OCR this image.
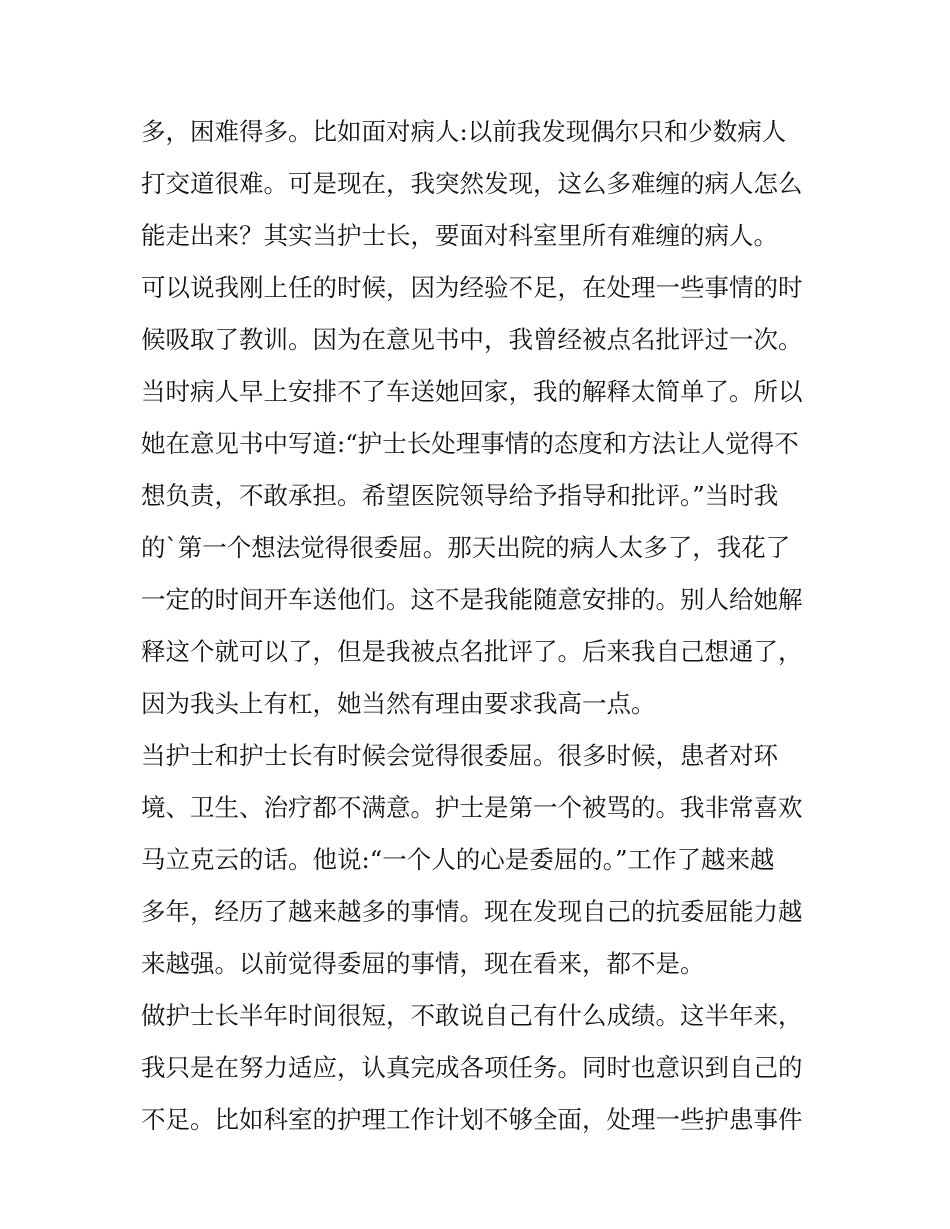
多，困难得多。比如面对病人:以前我发现偶尔只和少数病人
打交道很难。可是现在，我突然发现，这么多难缠的病人怎么
能走出来？其实当护士长，要面对科室里所有难缠的病人。
可以说我刚上任的时候，因为经验不足，在处理一些事情的时
候吸取了教训。因为在意见书中，我曾经被点名批评过一次。
当时病人早上安排不了车送她回家，我的解释太简单了。所以
她在意见书中写道:“护士长处理事情的态度和方法让人觉得不
想负责，不敢承担。希望医院领导给予指导和批评。”当时我
的`第一个想法觉得很委屈。那天出院的病人太多了，我花了
一定的时间开车送他们。这不是我能随意安排的。别人给她解
释这个就可以了，但是我被点名批评了。后来我自己想通了，
因为我头上有杠，她当然有理由要求我高一点。
当护士和护士长有时候会觉得很委屈。很多时候，患者对环
境、卫生、治疗都不满意。护士是第一个被骂的。我非常喜欢
马立克云的话。他说:“一个人的心是委屈的。”工作了越来越
多年，经历了越来越多的事情。现在发现自己的抗委屈能力越
来越强。以前觉得委屈的事情，现在看来，都不是。
做护士长半年时间很短，不敢说自己有什么成绩。这半年来，
我只是在努力适应，认真完成各项任务。同时也意识到自己的
不足。比如科室的护理工作计划不够全面，处理一些护患事件
